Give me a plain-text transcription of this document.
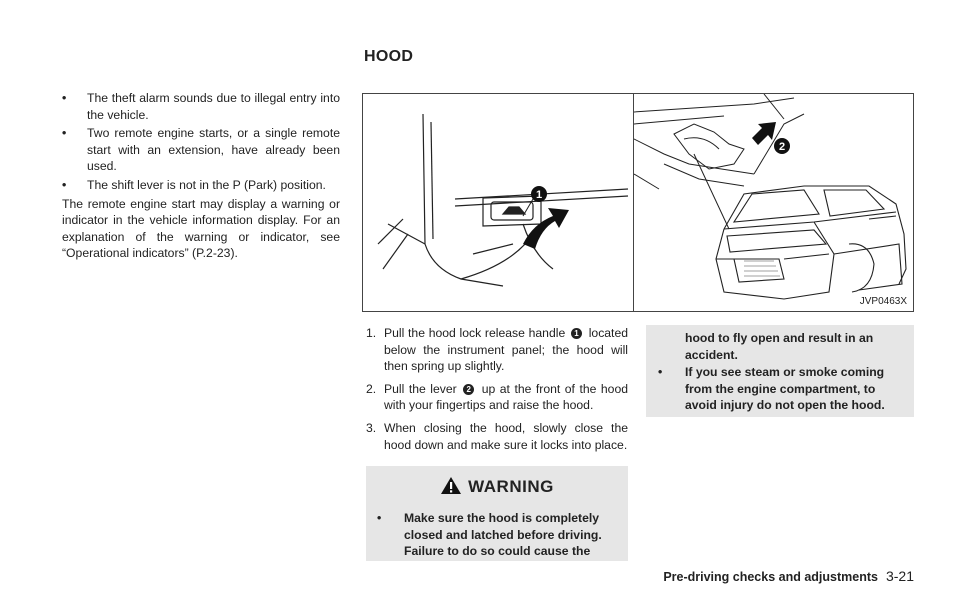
HOOD
• The theft alarm sounds due to illegal entry into the vehicle.
• Two remote engine starts, or a single remote start with an extension, have already been used.
• The shift lever is not in the P (Park) position.

The remote engine start may display a warning or indicator in the vehicle information display. For an explanation of the warning or indicator, see “Operational indicators” (P.2-23).

1
2
JVP0463X
1. Pull the hood lock release handle 1 located below the instrument panel; the hood will then spring up slightly.
2. Pull the lever 2 up at the front of the hood with your fingertips and raise the hood.
3. When closing the hood, slowly close the hood down and make sure it locks into place.
WARNING
• Make sure the hood is completely closed and latched before driving. Failure to do so could cause the
hood to fly open and result in an accident.
• If you see steam or smoke coming from the engine compartment, to avoid injury do not open the hood.
Pre-driving checks and adjustments 3-21
